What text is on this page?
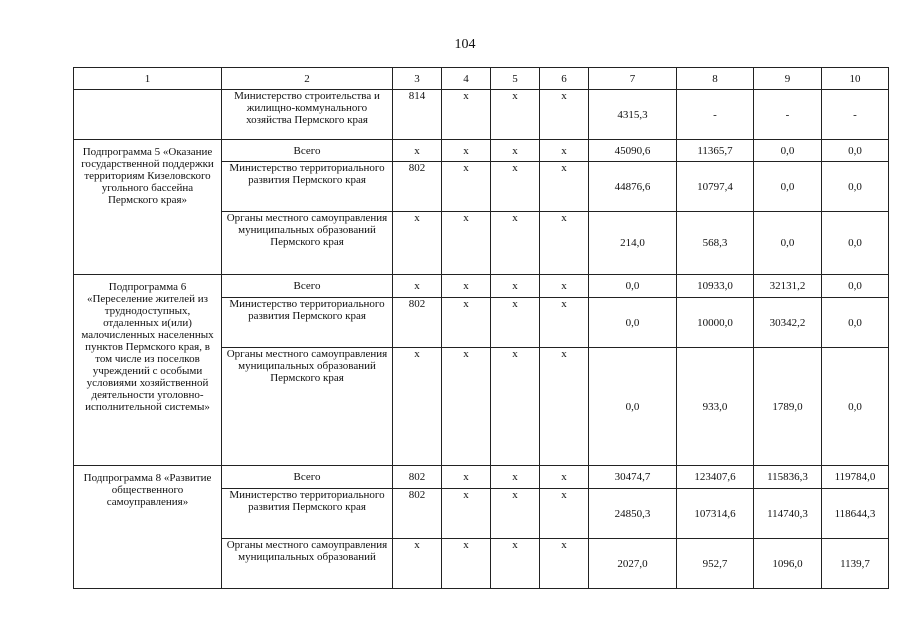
104
1	2	3	4	5	6	7	8	9	10
	Министерство строительства и жилищно-коммунального хозяйства Пермского края	814	x	x	x	4315,3	-	-	-
Подпрограмма 5 «Оказание государственной поддержки территориям Кизеловского угольного бассейна Пермского края»	Всего	x	x	x	x	45090,6	11365,7	0,0	0,0
	Министерство территориального развития Пермского края	802	x	x	x	44876,6	10797,4	0,0	0,0
	Органы местного самоуправления муниципальных образований Пермского края	x	x	x	x	214,0	568,3	0,0	0,0
Подпрограмма 6 «Переселение жителей из труднодоступных, отдаленных и(или) малочисленных населенных пунктов Пермского края, в том числе из поселков учреждений с особыми условиями хозяйственной деятельности уголовно-исполнительной системы»	Всего	x	x	x	x	0,0	10933,0	32131,2	0,0
	Министерство территориального развития Пермского края	802	x	x	x	0,0	10000,0	30342,2	0,0
	Органы местного самоуправления муниципальных образований Пермского края	x	x	x	x	0,0	933,0	1789,0	0,0
Подпрограмма 8 «Развитие общественного самоуправления»	Всего	802	x	x	x	30474,7	123407,6	115836,3	119784,0
	Министерство территориального развития Пермского края	802	x	x	x	24850,3	107314,6	114740,3	118644,3
	Органы местного самоуправления муниципальных образований	x	x	x	x	2027,0	952,7	1096,0	1139,7
